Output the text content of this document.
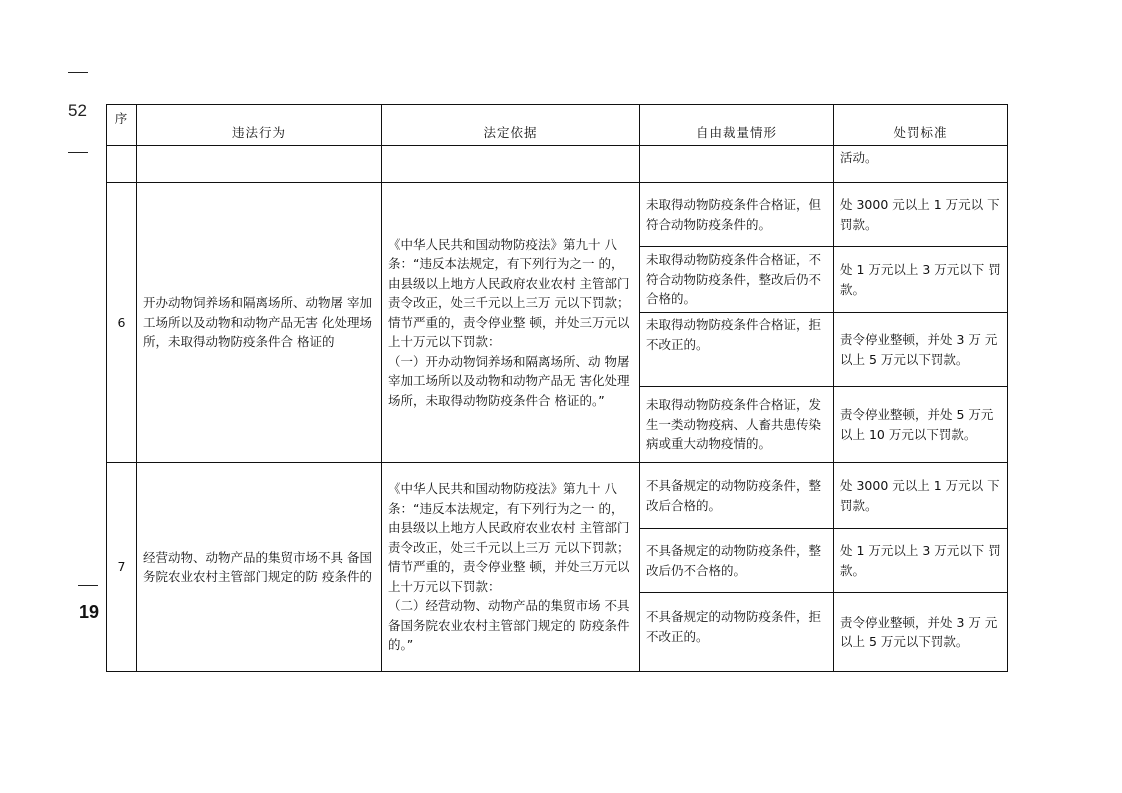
52
19
序	违法行为	法定依据	自由裁量情形	处罚标准
				活动。
6	开办动物饲养场和隔离场所、动物屠 宰加工场所以及动物和动物产品无害 化处理场所，未取得动物防疫条件合 格证的	《中华人民共和国动物防疫法》第九十 八条：“违反本法规定，有下列行为之一 的，由县级以上地方人民政府农业农村 主管部门责令改正，处三千元以上三万 元以下罚款；情节严重的，责令停业整 顿，并处三万元以上十万元以下罚款：
（一）开办动物饲养场和隔离场所、动 物屠宰加工场所以及动物和动物产品无 害化处理场所，未取得动物防疫条件合 格证的。”	未取得动物防疫条件合格证，但符合动物防疫条件的。	处 3000 元以上 1 万元以 下罚款。
			未取得动物防疫条件合格证，不符合动物防疫条件，整改后仍不合格的。	处 1 万元以上 3 万元以下 罚款。
			未取得动物防疫条件合格证，拒不改正的。	责令停业整顿，并处 3 万 元以上 5 万元以下罚款。
			未取得动物防疫条件合格证，发生一类动物疫病、人畜共患传染病或重大动物疫情的。	责令停业整顿，并处 5 万元以上 10 万元以下罚款。
7	经营动物、动物产品的集贸市场不具 备国务院农业农村主管部门规定的防 疫条件的	《中华人民共和国动物防疫法》第九十 八条：“违反本法规定，有下列行为之一 的，由县级以上地方人民政府农业农村 主管部门责令改正，处三千元以上三万 元以下罚款；情节严重的，责令停业整 顿，并处三万元以上十万元以下罚款：
（二）经营动物、动物产品的集贸市场 不具备国务院农业农村主管部门规定的 防疫条件的。”	不具备规定的动物防疫条件，整改后合格的。	处 3000 元以上 1 万元以 下罚款。
			不具备规定的动物防疫条件，整改后仍不合格的。	处 1 万元以上 3 万元以下 罚款。
			不具备规定的动物防疫条件，拒不改正的。	责令停业整顿，并处 3 万 元以上 5 万元以下罚款。
